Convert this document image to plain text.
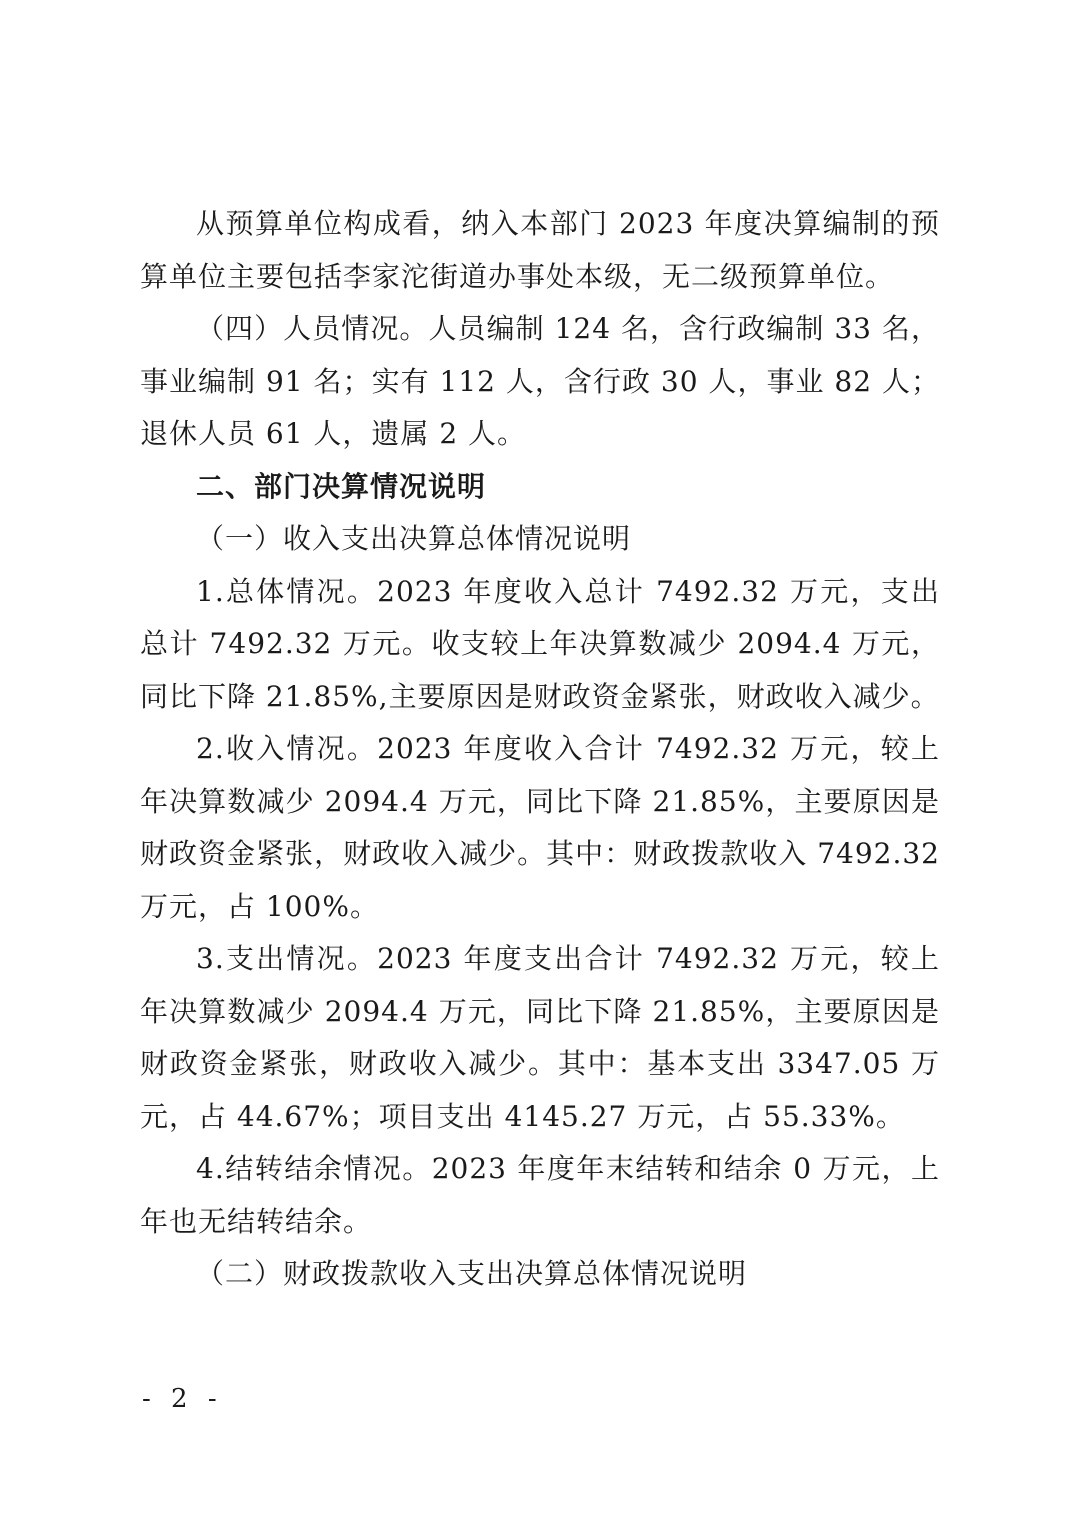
从预算单位构成看，纳入本部门 2023 年度决算编制的预算单位主要包括李家沱街道办事处本级，无二级预算单位。

（四）人员情况。人员编制 124 名，含行政编制 33 名，事业编制 91 名；实有 112 人，含行政 30 人，事业 82 人；退休人员 61 人，遗属 2 人。

二、部门决算情况说明

（一）收入支出决算总体情况说明

1.总体情况。2023 年度收入总计 7492.32 万元，支出总计 7492.32 万元。收支较上年决算数减少 2094.4 万元，同比下降 21.85%,主要原因是财政资金紧张，财政收入减少。

2.收入情况。2023 年度收入合计 7492.32 万元，较上年决算数减少 2094.4 万元，同比下降 21.85%，主要原因是财政资金紧张，财政收入减少。其中：财政拨款收入 7492.32 万元，占 100%。

3.支出情况。2023 年度支出合计 7492.32 万元，较上年决算数减少 2094.4 万元，同比下降 21.85%，主要原因是财政资金紧张，财政收入减少。其中：基本支出 3347.05 万元，占 44.67%；项目支出 4145.27 万元，占 55.33%。

4.结转结余情况。2023 年度年末结转和结余 0 万元，上年也无结转结余。

（二）财政拨款收入支出决算总体情况说明

- 2 -
